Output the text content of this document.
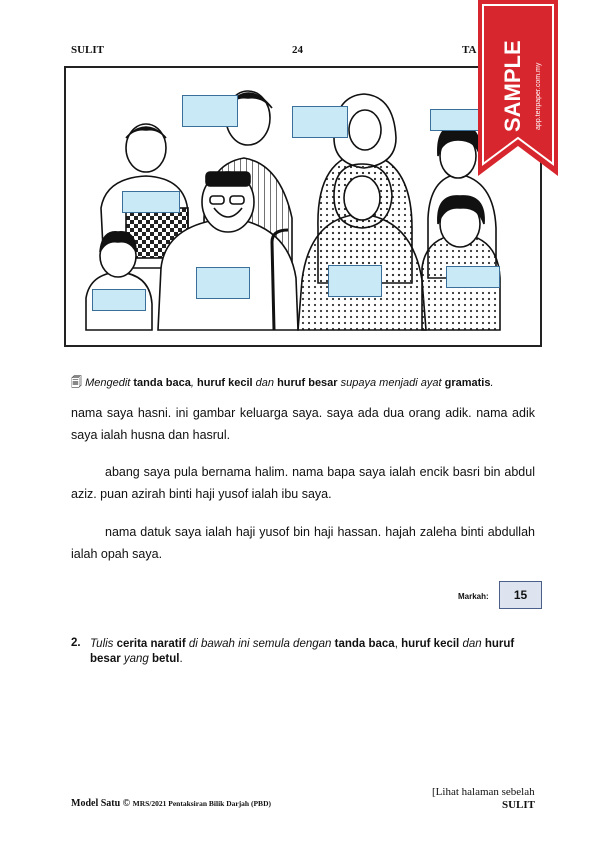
SULIT	24	TA
🗐 Mengedit tanda baca, huruf kecil dan huruf besar supaya menjadi ayat gramatis.
nama saya hasni. ini gambar keluarga saya. saya ada dua orang adik. nama adik saya ialah husna dan hasrul.
abang saya pula bernama halim. nama bapa saya ialah encik basri bin abdul aziz. puan azirah binti haji yusof ialah ibu saya.
nama datuk saya ialah haji yusof bin haji hassan. hajah zaleha binti abdullah ialah opah saya.
Markah:	15
2. Tulis cerita naratif di bawah ini semula dengan tanda baca, huruf kecil dan huruf besar yang betul.
[Lihat halaman sebelah
Model Satu © MRS/2021 Pentaksiran Bilik Darjah (PBD)	SULIT
SAMPLE app.tenpaper.com.my
